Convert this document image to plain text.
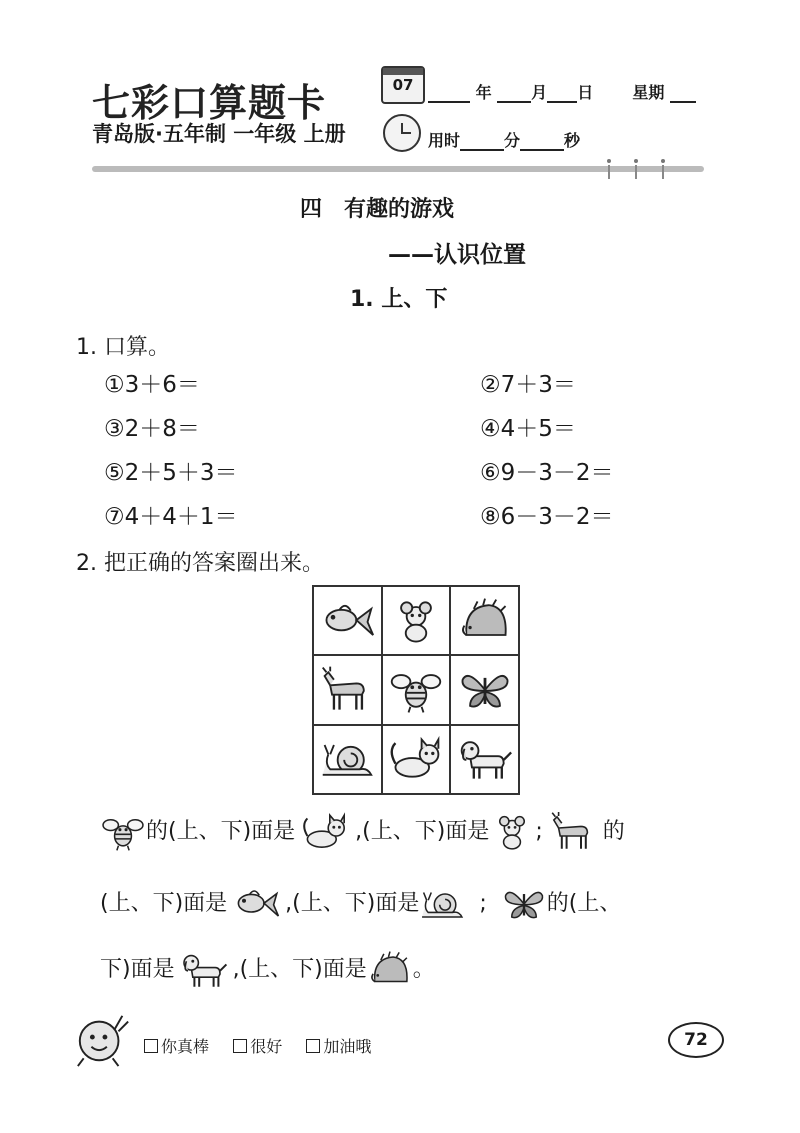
七彩口算题卡	07	年 月 日 星期
青岛版·五年制 一年级 上册	用时	分	秒
四　有趣的游戏
——认识位置
1. 上、下
1. 口算。
①3＋6＝	②7＋3＝
③2＋8＝	④4＋5＝
⑤2＋5＋3＝	⑥9－3－2＝
⑦4＋4＋1＝	⑧6－3－2＝
2. 把正确的答案圈出来。
的(上、下)面是	,(上、下)面是 ;	的
(上、下)面是	,(上、下)面是	;	的(上、
下)面是	,(上、下)面是 。
你真棒	很好	加油哦	72
